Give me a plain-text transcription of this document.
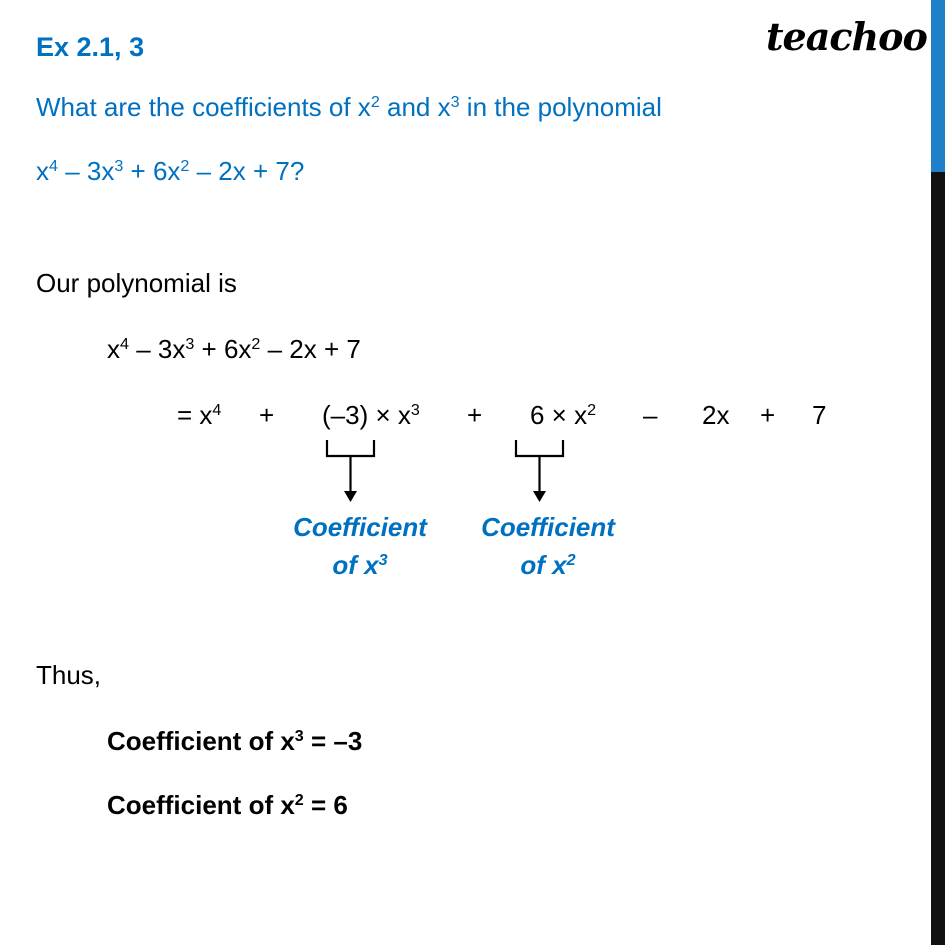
Ex 2.1, 3	teachoo
What are the coefficients of $x^2$ and $x^3$ in the polynomial
$x^4 - 3x^3 + 6x^2 - 2x + 7$?
Our polynomial is
$x^4 - 3x^3 + 6x^2 - 2x + 7$
= $x^4 + (-3) \times x^3 + 6 \times x^2 - 2x + 7$
Coefficient
of $x^3$
Coefficient
of $x^2$
Thus,
Coefficient of $x^3 = -3$
Coefficient of $x^2 = 6$
